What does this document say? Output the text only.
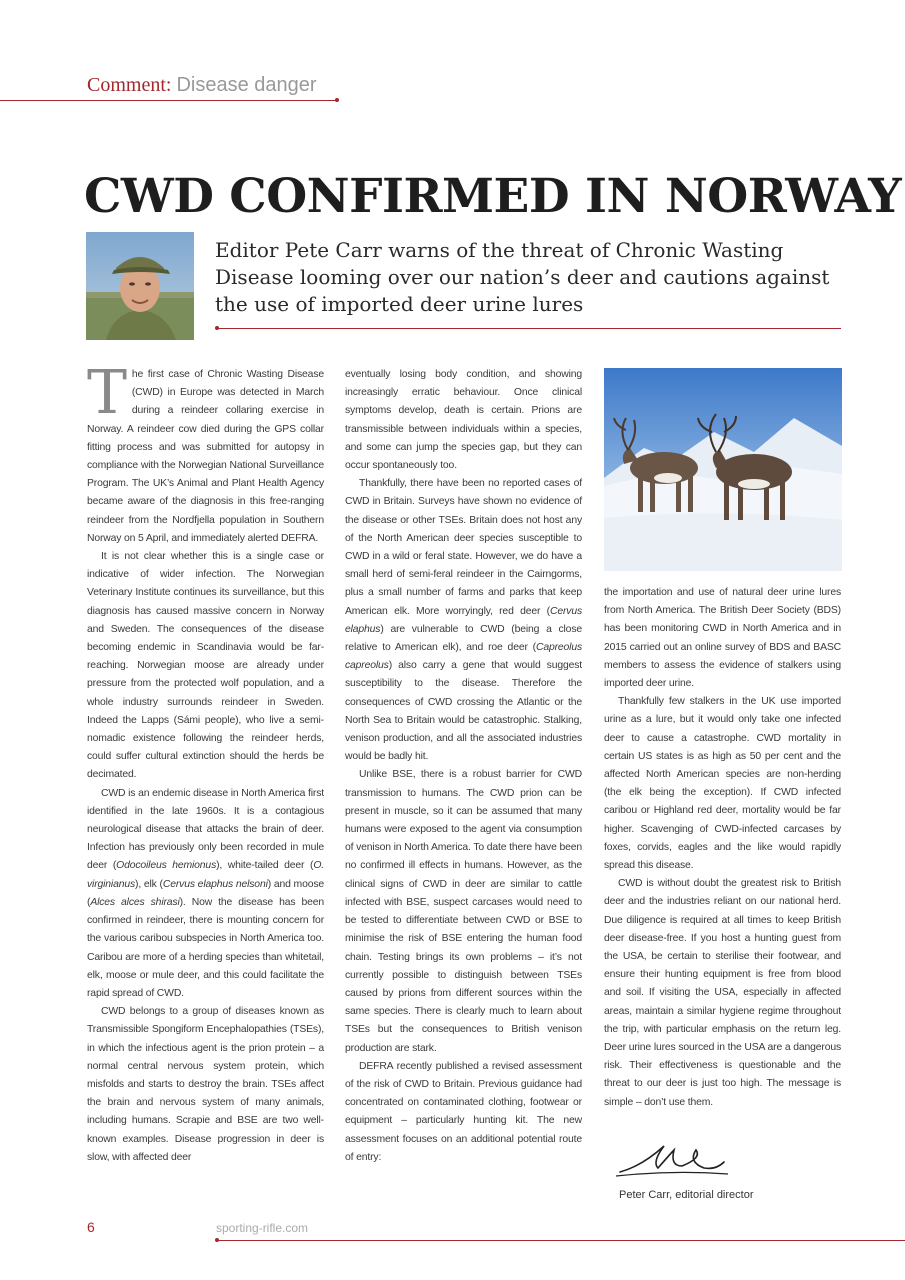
Comment: Disease danger
CWD CONFIRMED IN NORWAY

Editor Pete Carr warns of the threat of Chronic Wasting Disease looming over our nation’s deer and cautions against the use of imported deer urine lures

The first case of Chronic Wasting Disease (CWD) in Europe was detected in March during a reindeer collaring exercise in Norway. A reindeer cow died during the GPS collar fitting process and was submitted for autopsy in compliance with the Norwegian National Surveillance Program. The UK’s Animal and Plant Health Agency became aware of the diagnosis in this free-ranging reindeer from the Nordfjella population in Southern Norway on 5 April, and immediately alerted DEFRA.

It is not clear whether this is a single case or indicative of wider infection. The Norwegian Veterinary Institute continues its surveillance, but this diagnosis has caused massive concern in Norway and Sweden. The consequences of the disease becoming endemic in Scandinavia would be far-reaching. Norwegian moose are already under pressure from the protected wolf population, and a whole industry surrounds reindeer in Sweden. Indeed the Lapps (Sámi people), who live a semi-nomadic existence following the reindeer herds, could suffer cultural extinction should the herds be decimated.

CWD is an endemic disease in North America first identified in the late 1960s. It is a contagious neurological disease that attacks the brain of deer. Infection has previously only been recorded in mule deer (Odocoileus hemionus), white-tailed deer (O. virginianus), elk (Cervus elaphus nelsoni) and moose (Alces alces shirasi). Now the disease has been confirmed in reindeer, there is mounting concern for the various caribou subspecies in North America too. Caribou are more of a herding species than whitetail, elk, moose or mule deer, and this could facilitate the rapid spread of CWD.

CWD belongs to a group of diseases known as Transmissible Spongiform Encephalopathies (TSEs), in which the infectious agent is the prion protein – a normal central nervous system protein, which misfolds and starts to destroy the brain. TSEs affect the brain and nervous system of many animals, including humans. Scrapie and BSE are two well-known examples. Disease progression in deer is slow, with affected deer

eventually losing body condition, and showing increasingly erratic behaviour. Once clinical symptoms develop, death is certain. Prions are transmissible between individuals within a species, and some can jump the species gap, but they can occur spontaneously too.

Thankfully, there have been no reported cases of CWD in Britain. Surveys have shown no evidence of the disease or other TSEs. Britain does not host any of the North American deer species susceptible to CWD in a wild or feral state. However, we do have a small herd of semi-feral reindeer in the Cairngorms, plus a small number of farms and parks that keep American elk. More worryingly, red deer (Cervus elaphus) are vulnerable to CWD (being a close relative to American elk), and roe deer (Capreolus capreolus) also carry a gene that would suggest susceptibility to the disease. Therefore the consequences of CWD crossing the Atlantic or the North Sea to Britain would be catastrophic. Stalking, venison production, and all the associated industries would be badly hit.

Unlike BSE, there is a robust barrier for CWD transmission to humans. The CWD prion can be present in muscle, so it can be assumed that many humans were exposed to the agent via consumption of venison in North America. To date there have been no confirmed ill effects in humans. However, as the clinical signs of CWD in deer are similar to cattle infected with BSE, suspect carcases would need to be tested to differentiate between CWD or BSE to minimise the risk of BSE entering the human food chain. Testing brings its own problems – it’s not currently possible to distinguish between TSEs caused by prions from different sources within the same species. There is clearly much to learn about TSEs but the consequences to British venison production are stark.

DEFRA recently published a revised assessment of the risk of CWD to Britain. Previous guidance had concentrated on contaminated clothing, footwear or equipment – particularly hunting kit. The new assessment focuses on an additional potential route of entry:

the importation and use of natural deer urine lures from North America. The British Deer Society (BDS) has been monitoring CWD in North America and in 2015 carried out an online survey of BDS and BASC members to assess the evidence of stalkers using imported deer urine.

Thankfully few stalkers in the UK use imported urine as a lure, but it would only take one infected deer to cause a catastrophe. CWD mortality in certain US states is as high as 50 per cent and the affected North American species are non-herding (the elk being the exception). If CWD infected caribou or Highland red deer, mortality would be far higher. Scavenging of CWD-infected carcases by foxes, corvids, eagles and the like would rapidly spread this disease.

CWD is without doubt the greatest risk to British deer and the industries reliant on our national herd. Due diligence is required at all times to keep British deer disease-free. If you host a hunting guest from the USA, be certain to sterilise their footwear, and ensure their hunting equipment is free from blood and soil. If visiting the USA, especially in affected areas, maintain a similar hygiene regime throughout the trip, with particular emphasis on the return leg. Deer urine lures sourced in the USA are a dangerous risk. Their effectiveness is questionable and the threat to our deer is just too high. The message is simple – don’t use them.

Peter Carr, editorial director
6	sporting-rifle.com
